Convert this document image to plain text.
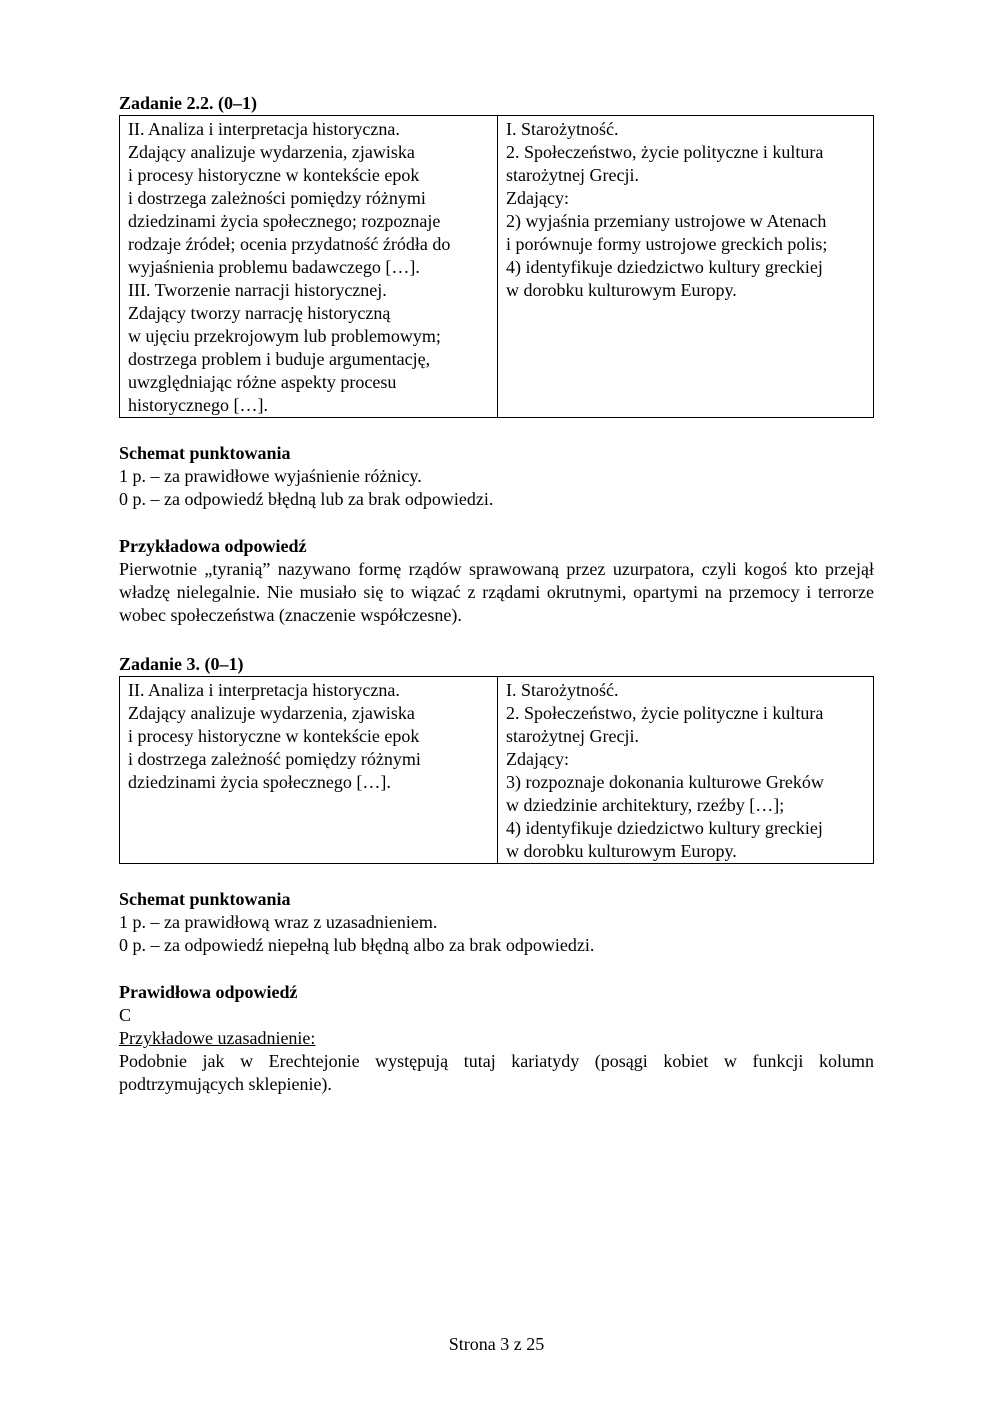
Zadanie 2.2. (0–1)

II. Analiza i interpretacja historyczna.
Zdający analizuje wydarzenia, zjawiska
i procesy historyczne w kontekście epok
i dostrzega zależności pomiędzy różnymi
dziedzinami życia społecznego; rozpoznaje
rodzaje źródeł; ocenia przydatność źródła do
wyjaśnienia problemu badawczego […].
III. Tworzenie narracji historycznej.
Zdający tworzy narrację historyczną
w ujęciu przekrojowym lub problemowym;
dostrzega problem i buduje argumentację,
uwzględniając różne aspekty procesu
historycznego […].
I. Starożytność.
2. Społeczeństwo, życie polityczne i kultura
starożytnej Grecji.
Zdający:
2) wyjaśnia przemiany ustrojowe w Atenach
i porównuje formy ustrojowe greckich polis;
4) identyfikuje dziedzictwo kultury greckiej
w dorobku kulturowym Europy.

Schemat punktowania

1 p. – za prawidłowe wyjaśnienie różnicy.

0 p. – za odpowiedź błędną lub za brak odpowiedzi.

Przykładowa odpowiedź

Pierwotnie „tyranią” nazywano formę rządów sprawowaną przez uzurpatora, czyli kogoś kto przejął władzę nielegalnie. Nie musiało się to wiązać z rządami okrutnymi, opartymi na przemocy i terrorze wobec społeczeństwa (znaczenie współczesne).

Zadanie 3. (0–1)

II. Analiza i interpretacja historyczna.
Zdający analizuje wydarzenia, zjawiska
i procesy historyczne w kontekście epok
i dostrzega zależność pomiędzy różnymi
dziedzinami życia społecznego […].
I. Starożytność.
2. Społeczeństwo, życie polityczne i kultura
starożytnej Grecji.
Zdający:
3) rozpoznaje dokonania kulturowe Greków
w dziedzinie architektury, rzeźby […];
4) identyfikuje dziedzictwo kultury greckiej
w dorobku kulturowym Europy.

Schemat punktowania

1 p. – za prawidłową wraz z uzasadnieniem.

0 p. – za odpowiedź niepełną lub błędną albo za brak odpowiedzi.

Prawidłowa odpowiedź

C

Przykładowe uzasadnienie:

Podobnie jak w Erechtejonie występują tutaj kariatydy (posągi kobiet w funkcji kolumn podtrzymujących sklepienie).

Strona 3 z 25
